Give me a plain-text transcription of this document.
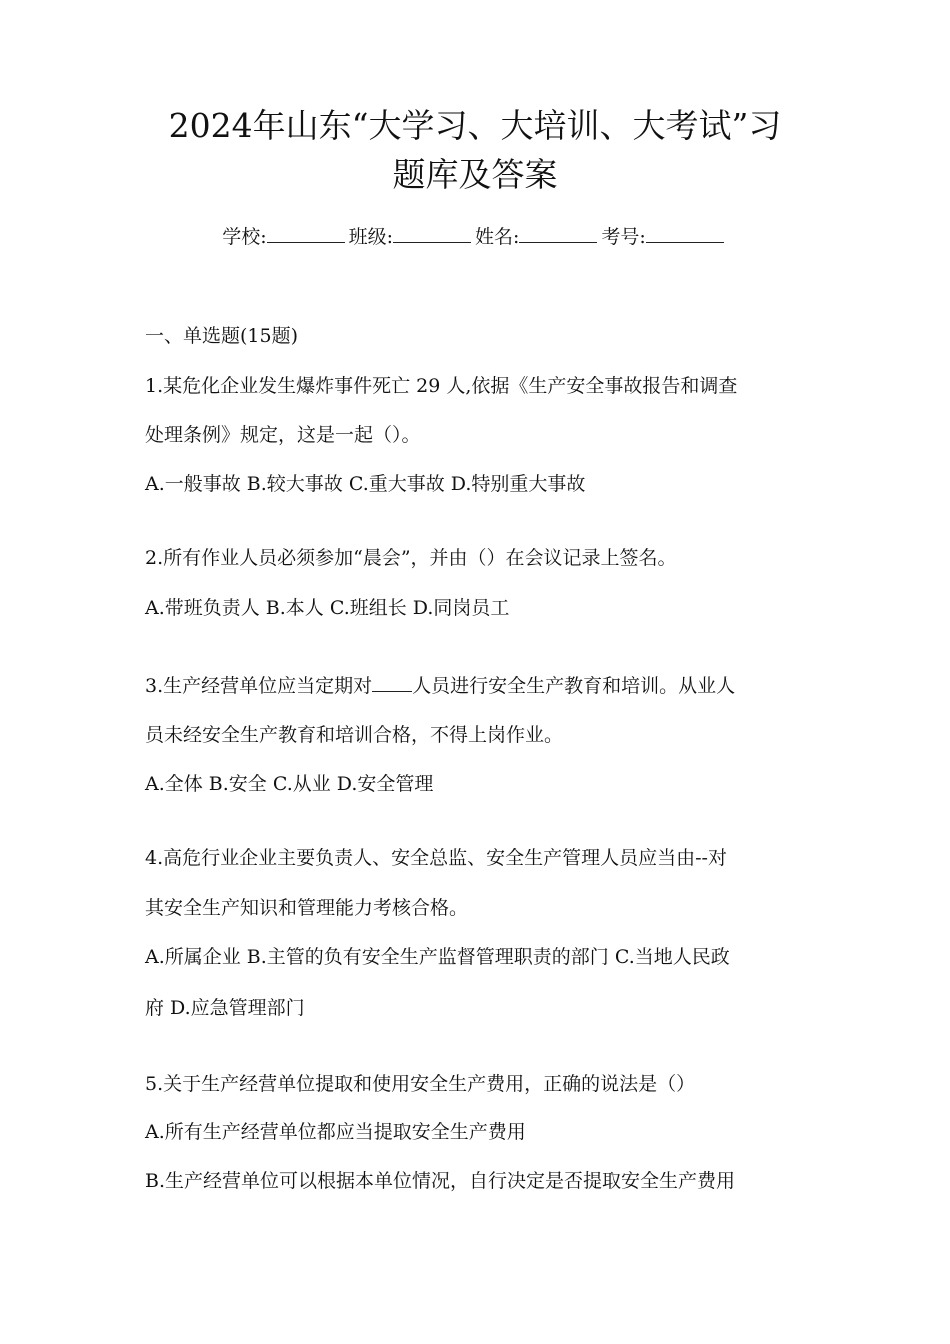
2024年山东“大学习、大培训、大考试”习
题库及答案
学校:	班级:	姓名:	考号:

一、单选题(15题)

1.某危化企业发生爆炸事件死亡 29 人,依据《生产安全事故报告和调查

处理条例》规定，这是一起（）。

A.一般事故 B.较大事故 C.重大事故 D.特别重大事故

2.所有作业人员必须参加“晨会”，并由（）在会议记录上签名。

A.带班负责人 B.本人 C.班组长 D.同岗员工

3.生产经营单位应当定期对 人员进行安全生产教育和培训。从业人

员未经安全生产教育和培训合格，不得上岗作业。

A.全体 B.安全 C.从业 D.安全管理

4.高危行业企业主要负责人、安全总监、安全生产管理人员应当由--对

其安全生产知识和管理能力考核合格。

A.所属企业 B.主管的负有安全生产监督管理职责的部门 C.当地人民政

府 D.应急管理部门

5.关于生产经营单位提取和使用安全生产费用，正确的说法是（）

A.所有生产经营单位都应当提取安全生产费用

B.生产经营单位可以根据本单位情况，自行决定是否提取安全生产费用
